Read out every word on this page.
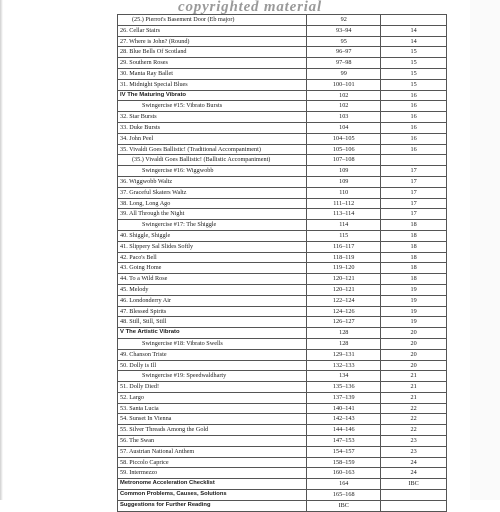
copyrighted material
(25.) Pierrot's Basement Door (Eb major)	92	
26. Cellar Stairs	93–94	14
27. Where is John? (Round)	95	14
28. Blue Bells Of Scotland	96–97	15
29. Southern Roses	97–98	15
30. Manta Ray Ballet	99	15
31. Midnight Special Blues	100–101	15
IV The Maturing Vibrato	102	16
Swingercise #15: Vibrato Bursts	102	16
32. Star Bursts	103	16
33. Duke Bursts	104	16
34. John Peel	104–105	16
35. Vivaldi Goes Ballistic! (Traditional Accompaniment)	105–106	16
(35.) Vivaldi Goes Ballistic! (Ballistic Accompaniment)	107–108	
Swingercise #16: Wiggwobb	109	17
36. Wiggwobb Waltz	109	17
37. Graceful Skaters Waltz	110	17
38. Long, Long Ago	111–112	17
39. All Through the Night	113–114	17
Swingercise #17: The Shiggle	114	18
40. Shiggle, Shiggle	115	18
41. Slippery Sal Slides Softly	116–117	18
42. Paco's Bell	118–119	18
43. Going Home	119–120	18
44. To a Wild Rose	120–121	18
45. Melody	120–121	19
46. Londonderry Air	122–124	19
47. Blessed Spirits	124–126	19
48. Still, Still, Still	126–127	19
V The Artistic Vibrato	128	20
Swingercise #18: Vibrato Swells	128	20
49. Chanson Triste	129–131	20
50. Dolly is Ill	132–133	20
Swingercise #19: Speedwaldharty	134	21
51. Dolly Died!	135–136	21
52. Largo	137–139	21
53. Santa Lucia	140–141	22
54. Sunset In Vienna	142–143	22
55. Silver Threads Among the Gold	144–146	22
56. The Swan	147–153	23
57. Austrian National Anthem	154–157	23
58. Piccolo Caprice	158–159	24
59. Intermezzo	160–163	24
Metronome Acceleration Checklist	164	IBC
Common Problems, Causes, Solutions	165–168	
Suggestions for Further Reading	IBC	
